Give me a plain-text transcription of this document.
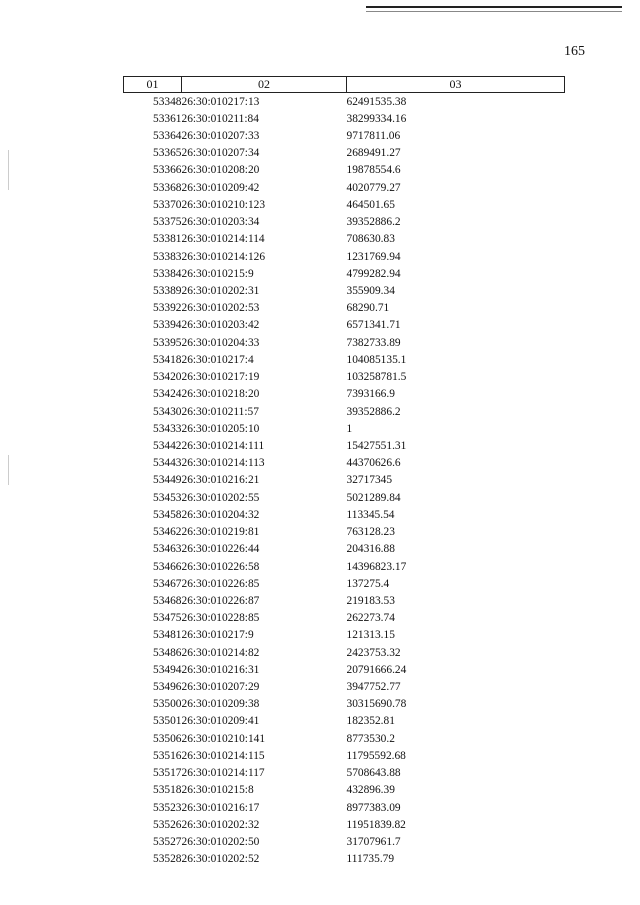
165
01	02	03
53348	26:30:010217:13	62491535.38
53361	26:30:010211:84	38299334.16
53364	26:30:010207:33	9717811.06
53365	26:30:010207:34	2689491.27
53366	26:30:010208:20	19878554.6
53368	26:30:010209:42	4020779.27
53370	26:30:010210:123	464501.65
53375	26:30:010203:34	39352886.2
53381	26:30:010214:114	708630.83
53383	26:30:010214:126	1231769.94
53384	26:30:010215:9	4799282.94
53389	26:30:010202:31	355909.34
53392	26:30:010202:53	68290.71
53394	26:30:010203:42	6571341.71
53395	26:30:010204:33	7382733.89
53418	26:30:010217:4	104085135.1
53420	26:30:010217:19	103258781.5
53424	26:30:010218:20	7393166.9
53430	26:30:010211:57	39352886.2
53433	26:30:010205:10	1
53442	26:30:010214:111	15427551.31
53443	26:30:010214:113	44370626.6
53449	26:30:010216:21	32717345
53453	26:30:010202:55	5021289.84
53458	26:30:010204:32	113345.54
53462	26:30:010219:81	763128.23
53463	26:30:010226:44	204316.88
53466	26:30:010226:58	14396823.17
53467	26:30:010226:85	137275.4
53468	26:30:010226:87	219183.53
53475	26:30:010228:85	262273.74
53481	26:30:010217:9	121313.15
53486	26:30:010214:82	2423753.32
53494	26:30:010216:31	20791666.24
53496	26:30:010207:29	3947752.77
53500	26:30:010209:38	30315690.78
53501	26:30:010209:41	182352.81
53506	26:30:010210:141	8773530.2
53516	26:30:010214:115	11795592.68
53517	26:30:010214:117	5708643.88
53518	26:30:010215:8	432896.39
53523	26:30:010216:17	8977383.09
53526	26:30:010202:32	11951839.82
53527	26:30:010202:50	31707961.7
53528	26:30:010202:52	111735.79
